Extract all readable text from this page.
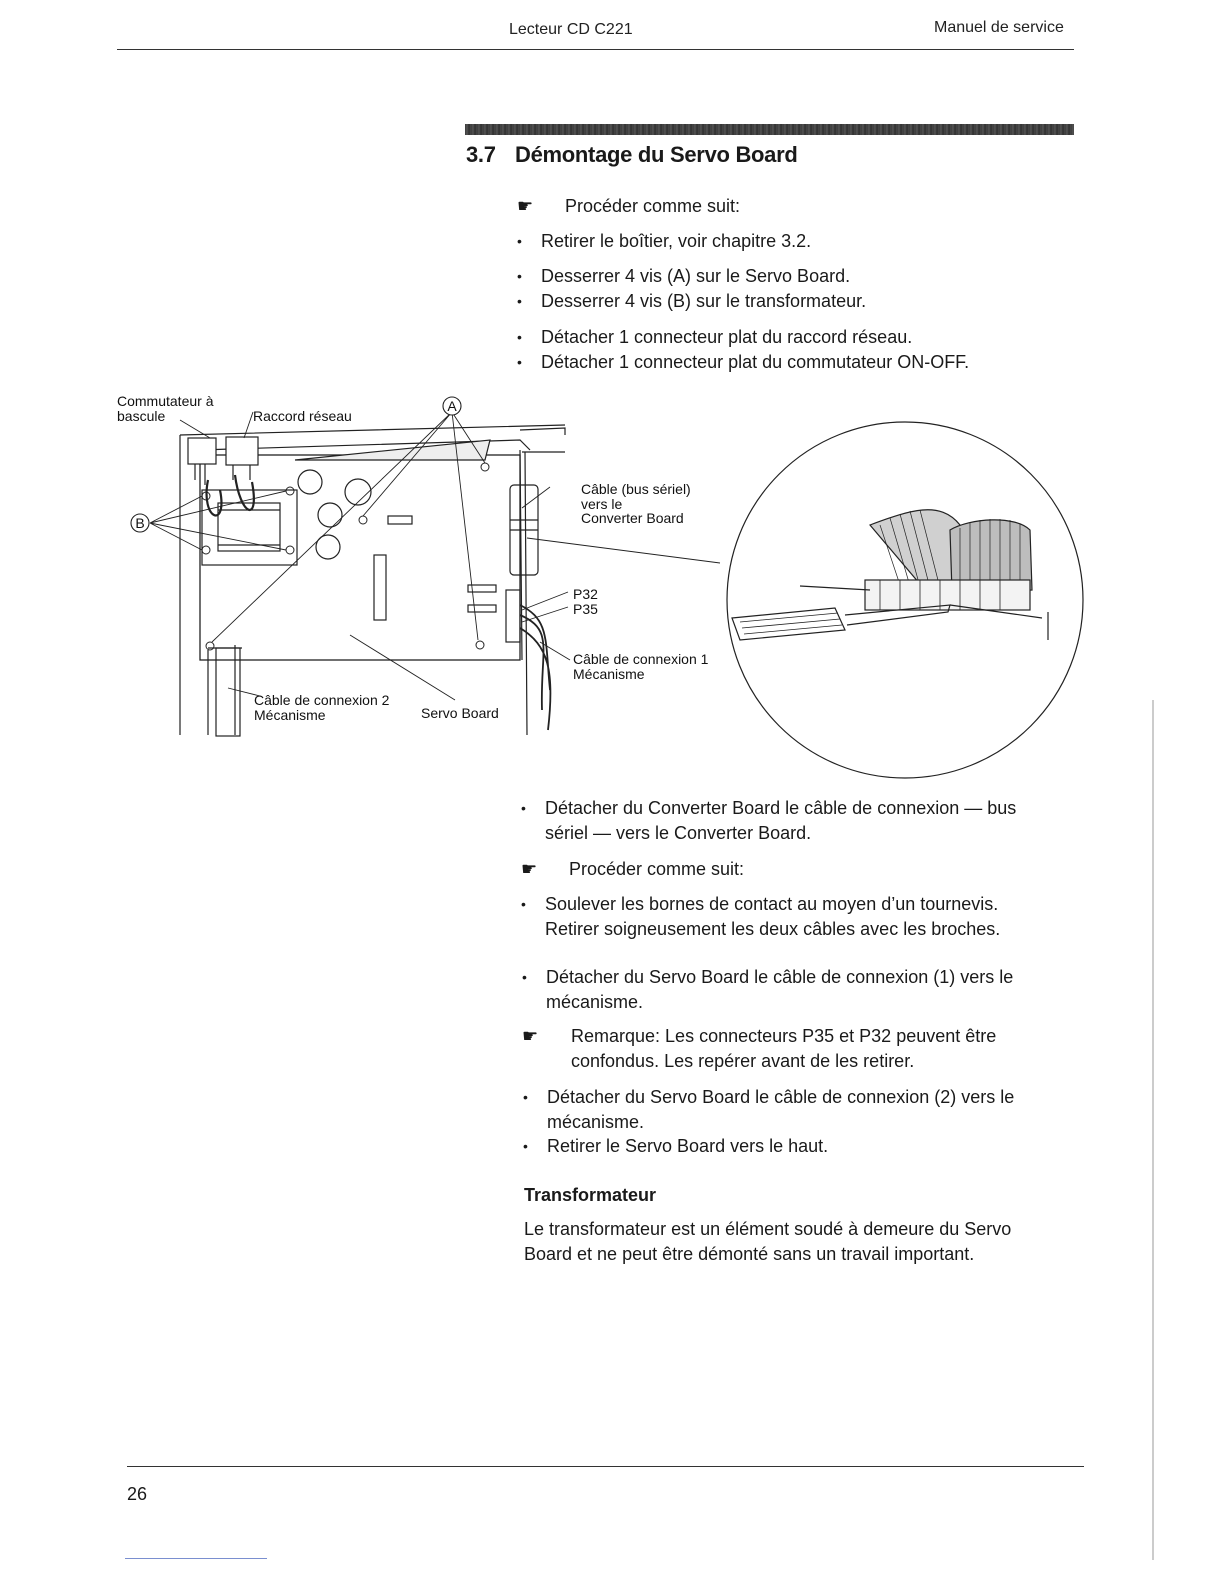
Lecteur CD C221	Manuel de service
3.7 Démontage du Servo Board
☛	Procéder comme suit:
•	Retirer le boîtier, voir chapitre 3.2.
•	Desserrer 4 vis (A) sur le Servo Board.
•	Desserrer 4 vis (B) sur le transformateur.
•	Détacher 1 connecteur plat du raccord réseau.
•	Détacher 1 connecteur plat du commutateur ON-OFF.
A
B
Commutateur à
bascule	Raccord réseau
Câble (bus sériel)
vers le
Converter Board
P32
P35
Câble de connexion 1
Mécanisme
Câble de connexion 2
Mécanisme	Servo Board
•	Détacher du Converter Board le câble de connexion — bus
sériel — vers le Converter Board.
☛	Procéder comme suit:
•	Soulever les bornes de contact au moyen d’un tournevis.
Retirer soigneusement les deux câbles avec les broches.
•	Détacher du Servo Board le câble de connexion (1) vers le
mécanisme.
☛	Remarque: Les connecteurs P35 et P32 peuvent être
confondus. Les repérer avant de les retirer.
•	Détacher du Servo Board le câble de connexion (2) vers le
mécanisme.
•	Retirer le Servo Board vers le haut.
Transformateur
Le transformateur est un élément soudé à demeure du Servo
Board et ne peut être démonté sans un travail important.
26
